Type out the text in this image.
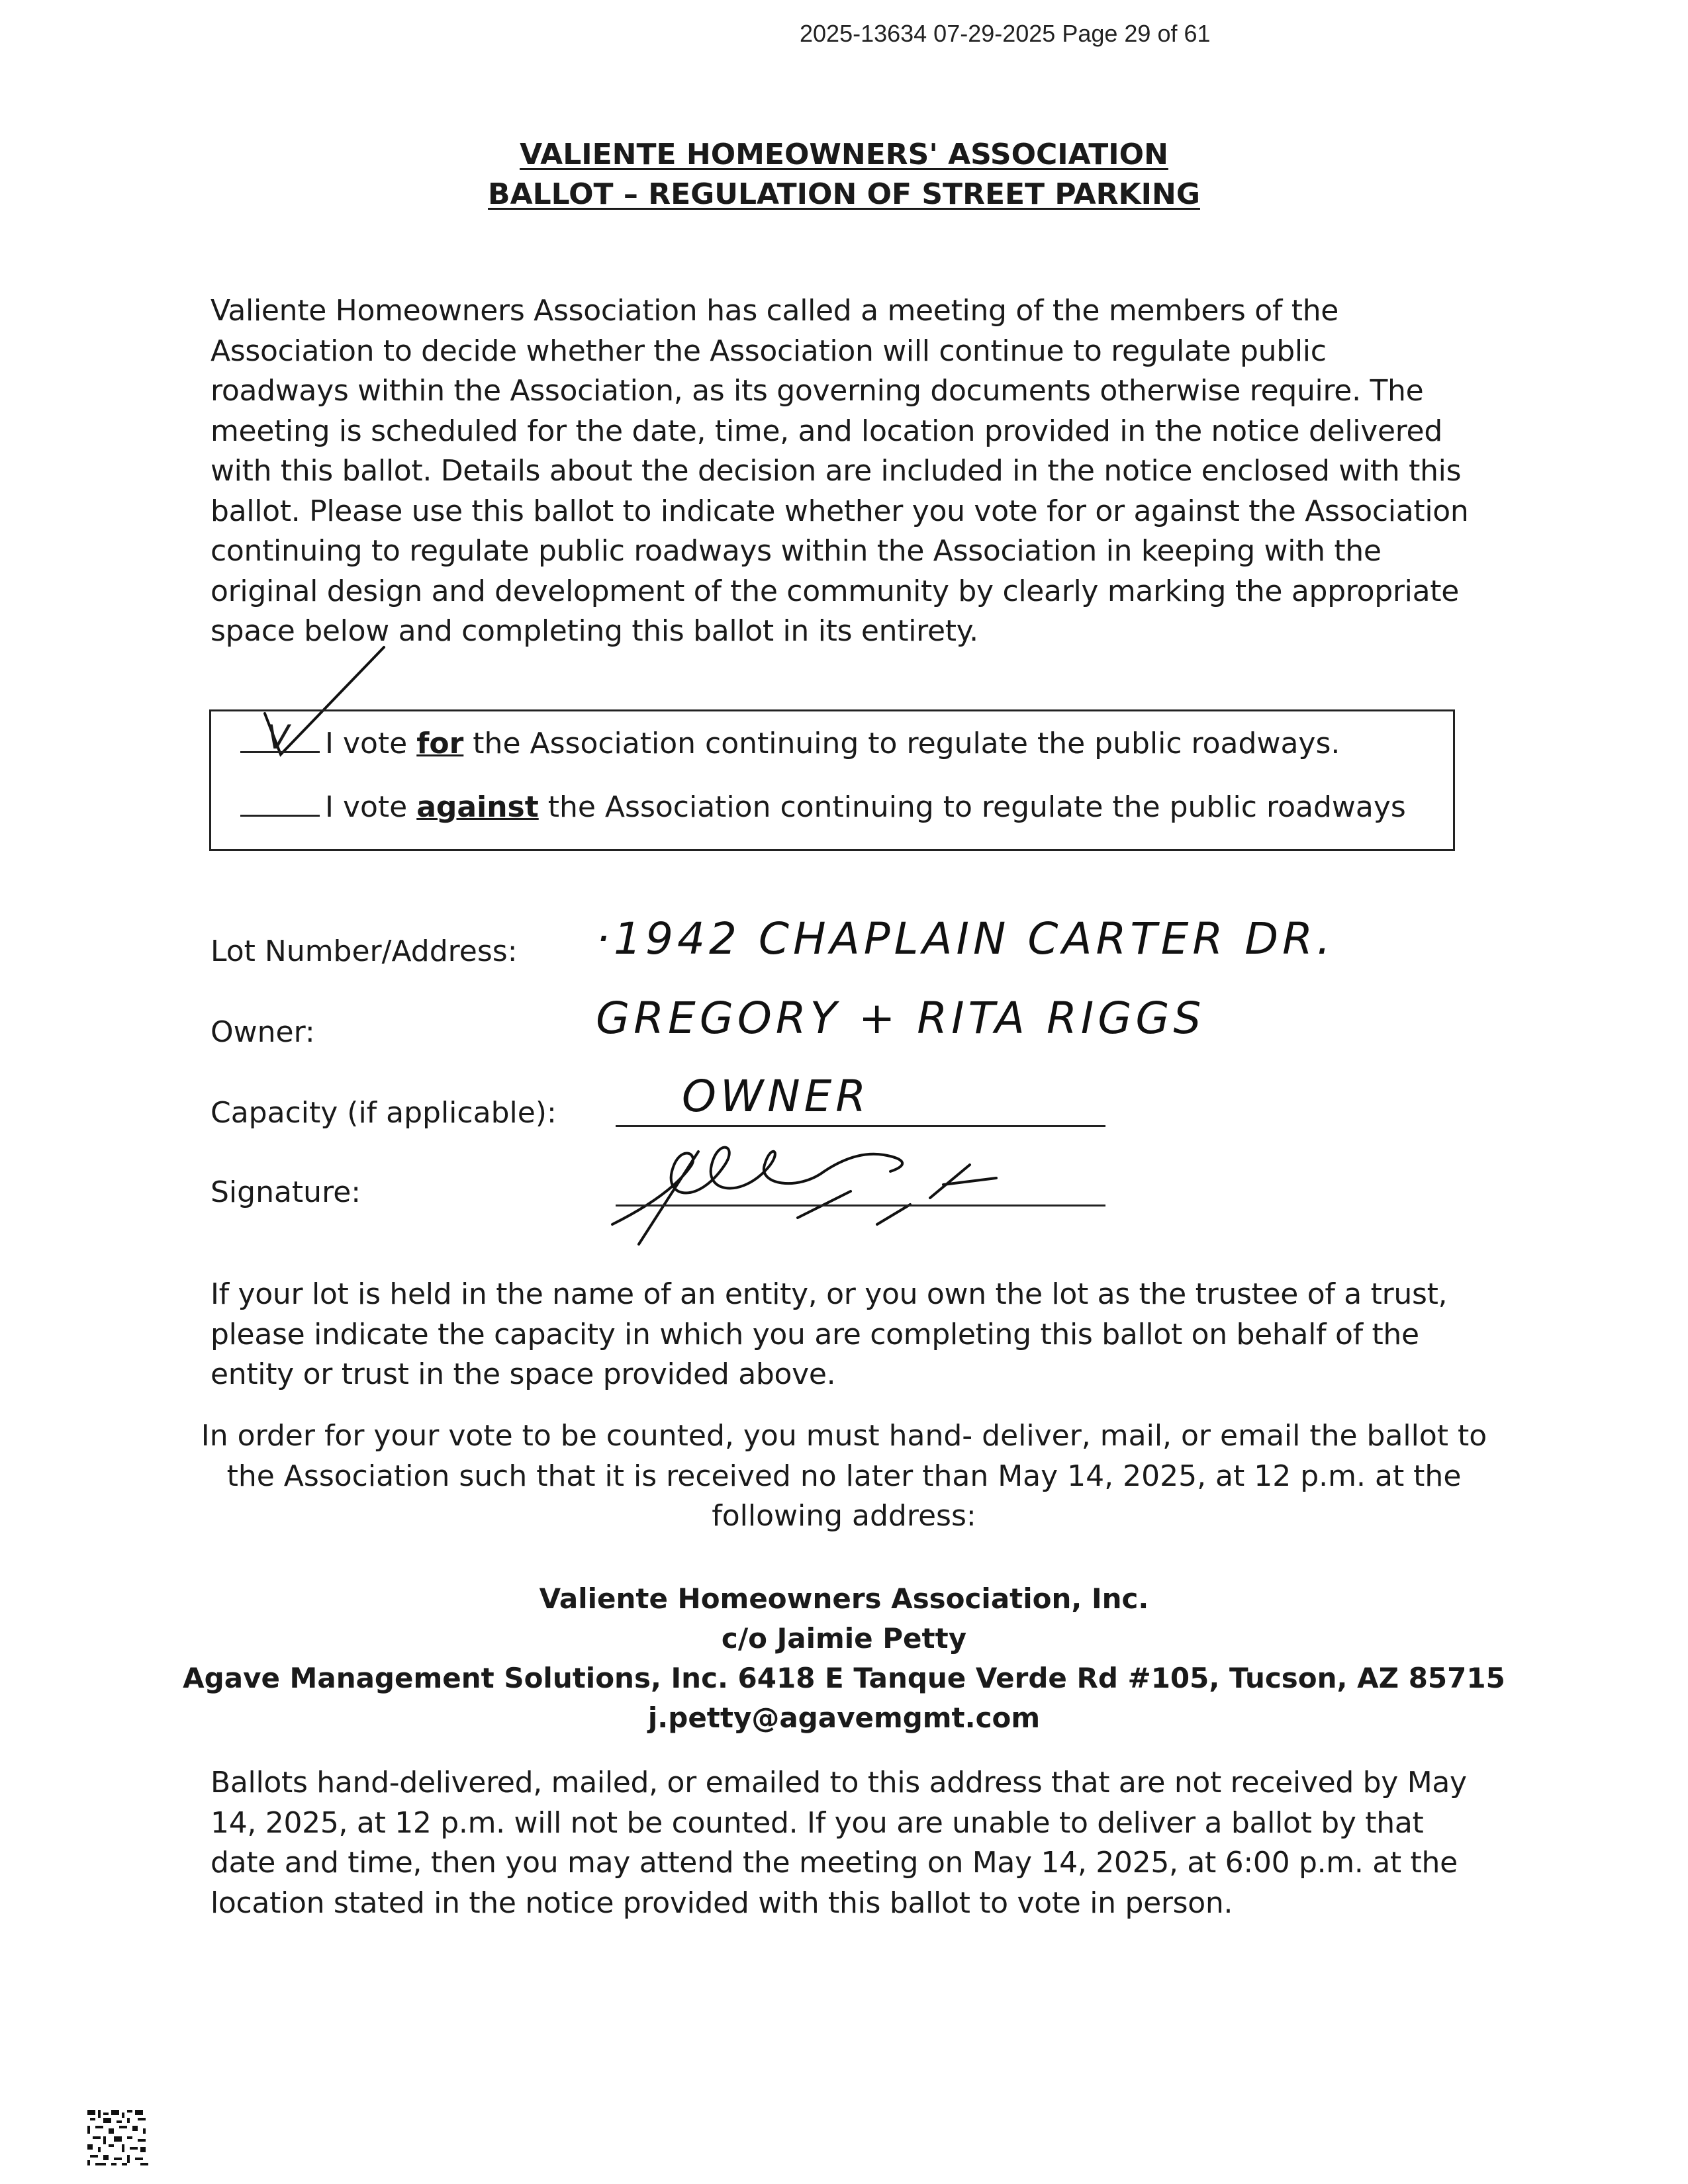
2025-13634 07-29-2025 Page 29 of 61
VALIENTE HOMEOWNERS' ASSOCIATION
BALLOT – REGULATION OF STREET PARKING

Valiente Homeowners Association has called a meeting of the members of the

Association to decide whether the Association will continue to regulate public

roadways within the Association, as its governing documents otherwise require. The

meeting is scheduled for the date, time, and location provided in the notice delivered

with this ballot. Details about the decision are included in the notice enclosed with this

ballot. Please use this ballot to indicate whether you vote for or against the Association

continuing to regulate public roadways within the Association in keeping with the

original design and development of the community by clearly marking the appropriate

space below and completing this ballot in its entirety.

V I vote for the Association continuing to regulate the public roadways.
I vote against the Association continuing to regulate the public roadways
Lot Number/Address: ·1942 CHAPLAIN CARTER DR.
Owner:	GREGORY + RITA RIGGS
Capacity (if applicable):	OWNER
Signature:

If your lot is held in the name of an entity, or you own the lot as the trustee of a trust,

please indicate the capacity in which you are completing this ballot on behalf of the

entity or trust in the space provided above.

In order for your vote to be counted, you must hand- deliver, mail, or email the ballot to
the Association such that it is received no later than May 14, 2025, at 12 p.m. at the
following address:
Valiente Homeowners Association, Inc.
c/o Jaimie Petty
Agave Management Solutions, Inc. 6418 E Tanque Verde Rd #105, Tucson, AZ 85715
j.petty@agavemgmt.com

Ballots hand-delivered, mailed, or emailed to this address that are not received by May

14, 2025, at 12 p.m. will not be counted. If you are unable to deliver a ballot by that

date and time, then you may attend the meeting on May 14, 2025, at 6:00 p.m. at the

location stated in the notice provided with this ballot to vote in person.
